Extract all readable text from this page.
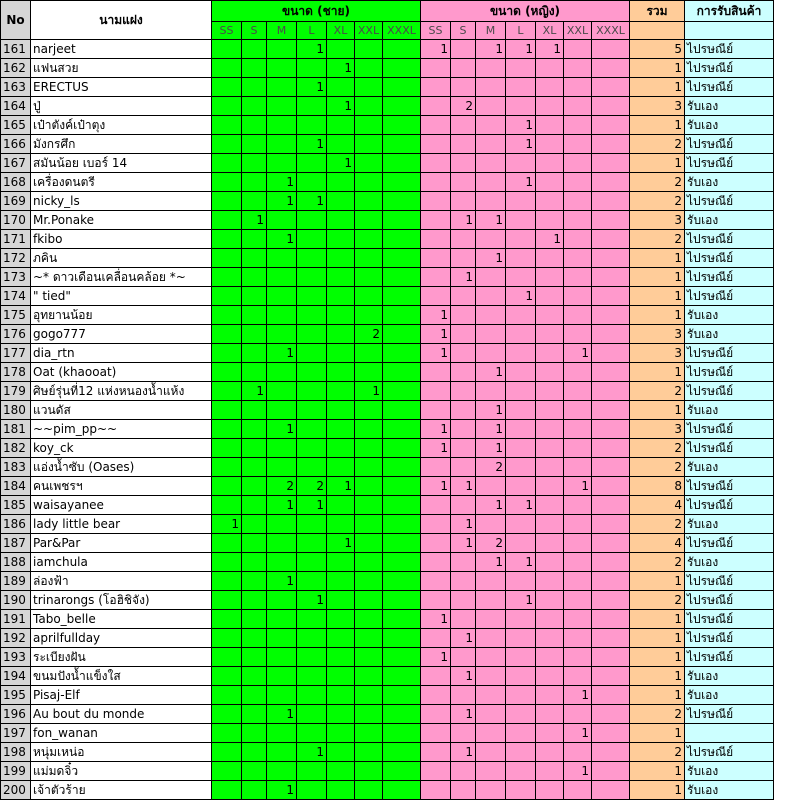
No	นามแฝง	ขนาด (ชาย)							ขนาด (หญิง)							รวม	การรับสินค้า
		SS	S	M	L	XL	XXL	XXXL	SS	S	M	L	XL	XXL	XXXL		
161	narjeet				1				1		1	1	1			5	ไปรษณีย์
162	แฟนสวย					1										1	ไปรษณีย์
163	ERECTUS				1											1	ไปรษณีย์
164	ปู่					1				2						3	รับเอง
165	เป๋าตังค์เป๋าตุง											1				1	รับเอง
166	มังกรศึก				1							1				2	ไปรษณีย์
167	สมันน้อย เบอร์ 14					1										1	ไปรษณีย์
168	เครื่องดนตรี			1								1				2	รับเอง
169	nicky_ls			1	1											2	ไปรษณีย์
170	Mr.Ponake		1							1	1					3	รับเอง
171	fkibo			1									1			2	ไปรษณีย์
172	ภคิน										1					1	ไปรษณีย์
173	~* ดาวเดือนเคลื่อนคล้อย *~									1						1	ไปรษณีย์
174	" tied"											1				1	ไปรษณีย์
175	อุทยานน้อย								1							1	รับเอง
176	gogo777						2		1							3	รับเอง
177	dia_rtn			1					1					1		3	ไปรษณีย์
178	Oat (khaooat)										1					1	ไปรษณีย์
179	ศิษย์รุ่นที่12 แห่งหนองน้ำแห้ง		1				1									2	ไปรษณีย์
180	แวนดัส										1					1	รับเอง
181	~~pim_pp~~			1					1		1					3	ไปรษณีย์
182	koy_ck								1		1					2	ไปรษณีย์
183	แอ่งน้ำซับ (Oases)										2					2	รับเอง
184	คนเพชรฯ			2	2	1			1	1				1		8	ไปรษณีย์
185	waisayanee			1	1						1	1				4	ไปรษณีย์
186	lady little bear	1								1						2	รับเอง
187	Par&Par					1				1	2					4	ไปรษณีย์
188	iamchula										1	1				2	รับเอง
189	ล่องฟ้า			1												1	ไปรษณีย์
190	trinarongs (โอฮิชิจัง)				1							1				2	ไปรษณีย์
191	Tabo_belle								1							1	ไปรษณีย์
192	aprilfullday									1						1	ไปรษณีย์
193	ระเบียงฝัน								1							1	ไปรษณีย์
194	ขนมปังน้ำแข็งใส									1						1	รับเอง
195	Pisaj-Elf													1		1	รับเอง
196	Au bout du monde			1						1						2	ไปรษณีย์
197	fon_wanan													1		1	
198	หนุ่มเหน่อ				1					1						2	ไปรษณีย์
199	แม่มดจิ๋ว													1		1	รับเอง
200	เจ้าตัวร้าย			1												1	รับเอง
